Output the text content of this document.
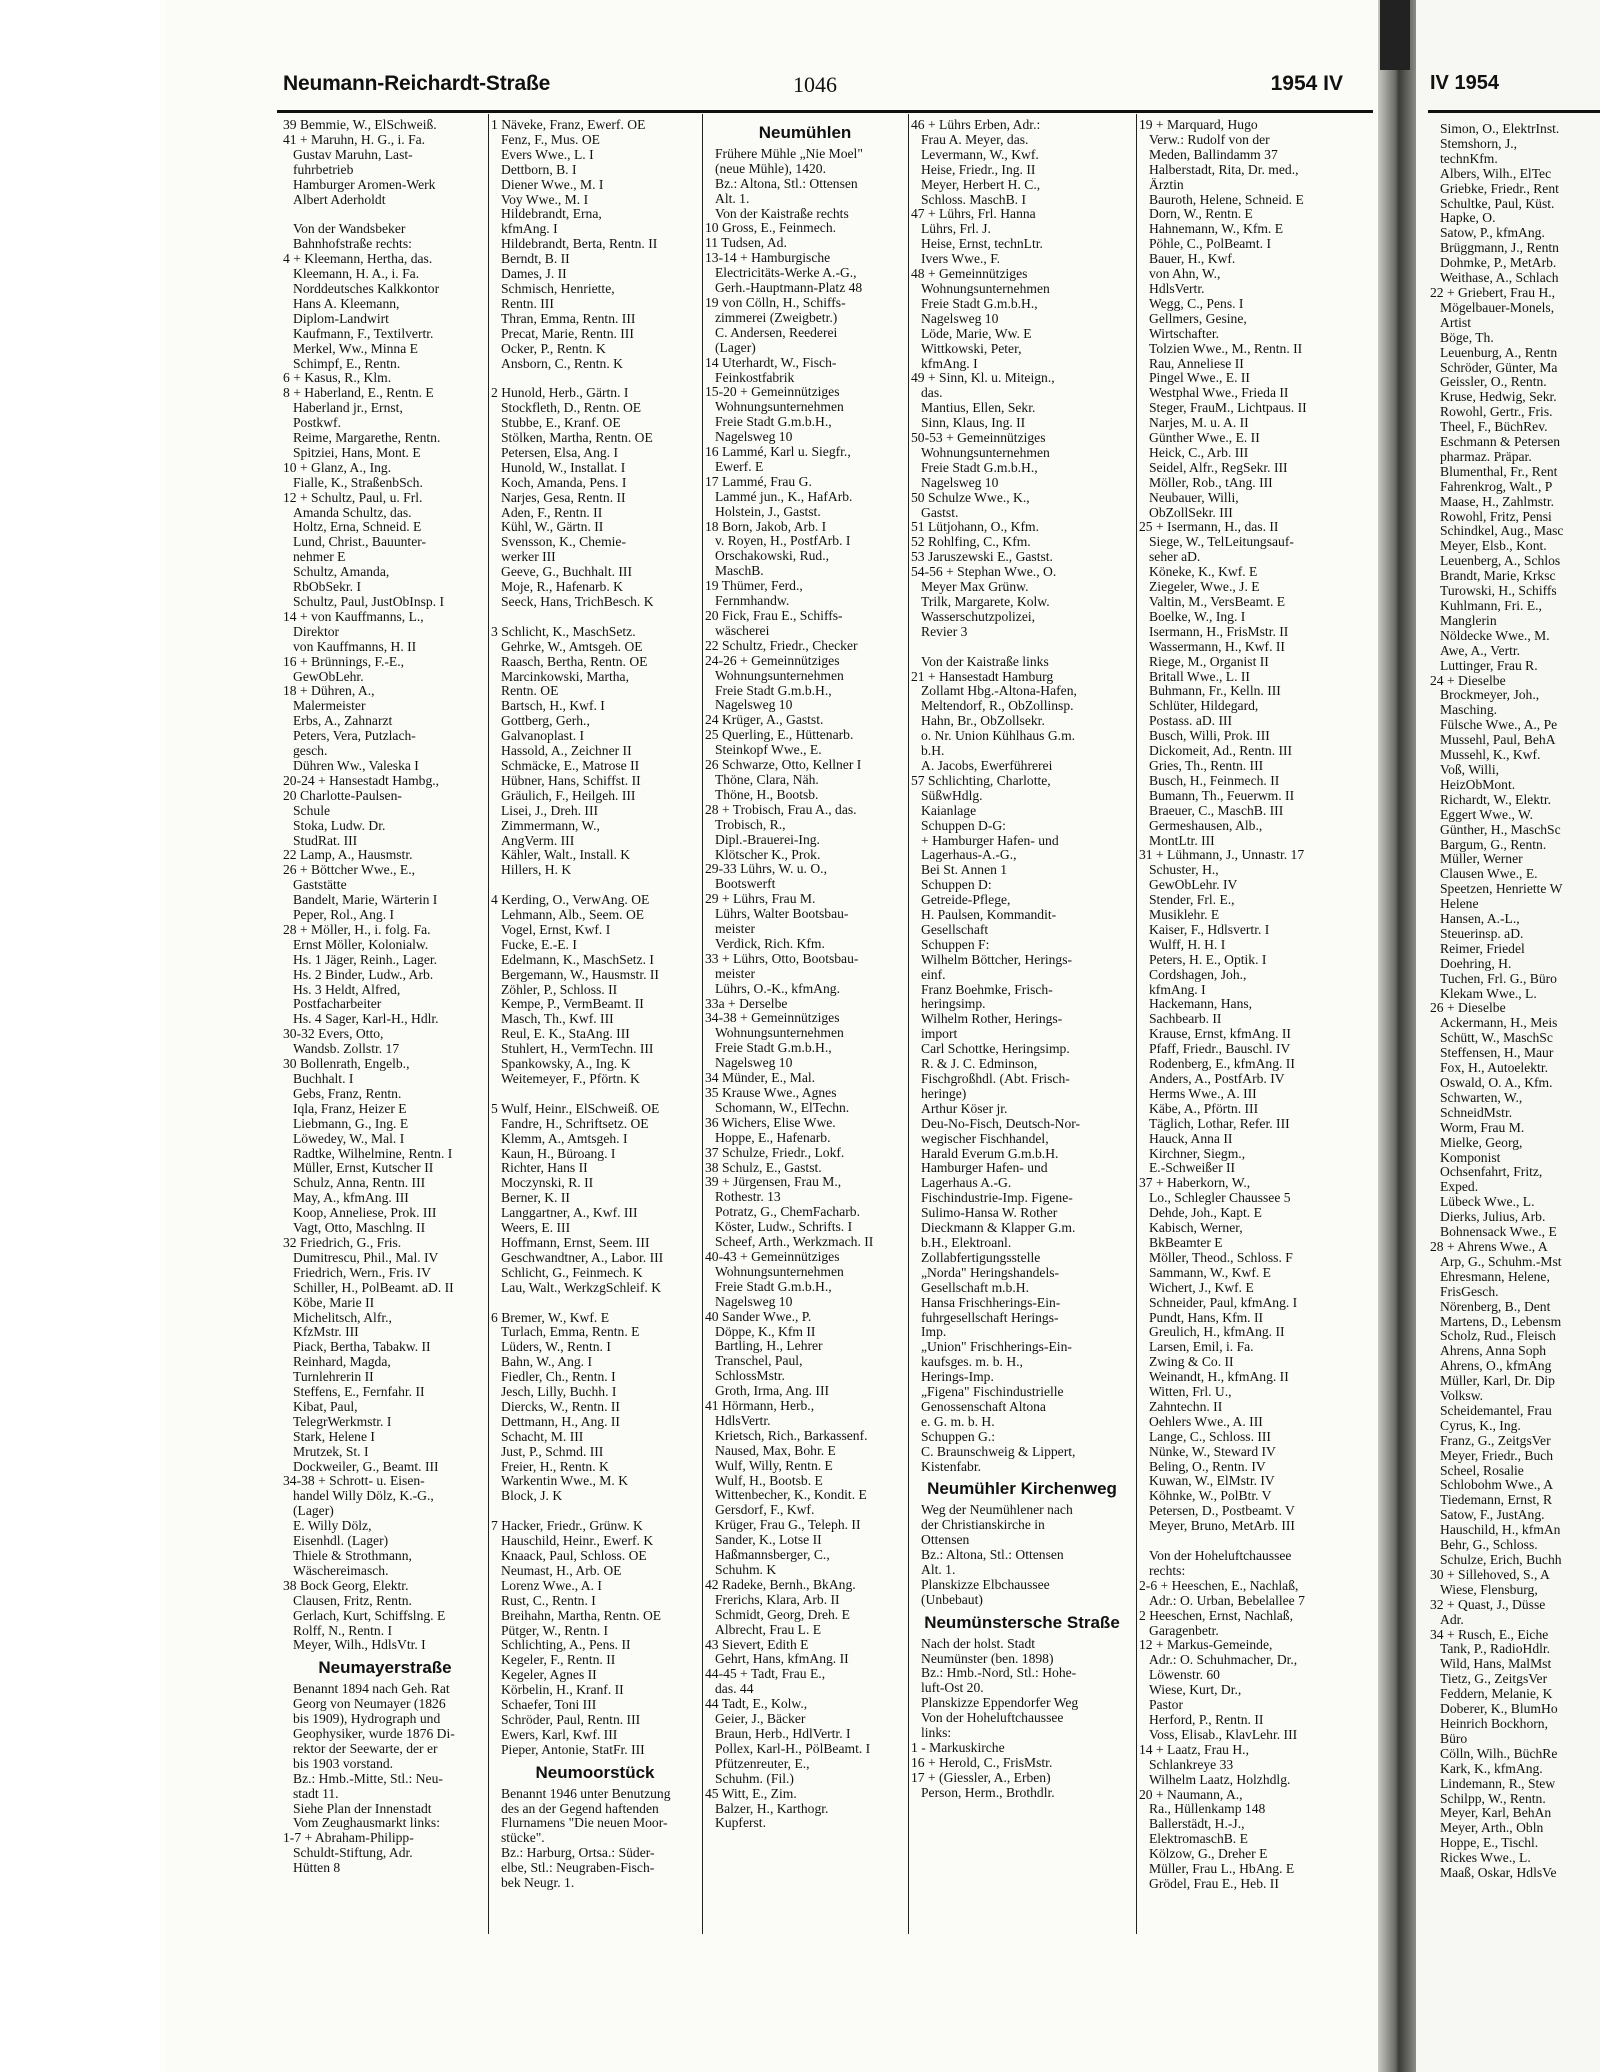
Neumann-Reichardt-Straße	1046	1954 IV
39 Bemmie, W., ElSchweiß.
41 + Maruhn, H. G., i. Fa.
Gustav Maruhn, Last-
fuhrbetrieb
Hamburger Aromen-Werk
Albert Aderholdt

Von der Wandsbeker
Bahnhofstraße rechts:
4 + Kleemann, Hertha, das.
Kleemann, H. A., i. Fa.
Norddeutsches Kalkkontor
Hans A. Kleemann,
Diplom-Landwirt
Kaufmann, F., Textilvertr.
Merkel, Ww., Minna E
Schimpf, E., Rentn.
6 + Kasus, R., Klm.
8 + Haberland, E., Rentn. E
Haberland jr., Ernst,
Postkwf.
Reime, Margarethe, Rentn.
Spitziei, Hans, Mont. E
10 + Glanz, A., Ing.
Fialle, K., StraßenbSch.
12 + Schultz, Paul, u. Frl.
Amanda Schultz, das.
Holtz, Erna, Schneid. E
Lund, Christ., Bauunter-
nehmer E
Schultz, Amanda,
RbObSekr. I
Schultz, Paul, JustObInsp. I
14 + von Kauffmanns, L.,
Direktor
von Kauffmanns, H. II
16 + Brünnings, F.-E.,
GewObLehr.
18 + Dühren, A.,
Malermeister
Erbs, A., Zahnarzt
Peters, Vera, Putzlach-
gesch.
Dühren Ww., Valeska I
20-24 + Hansestadt Hambg.,
20 Charlotte-Paulsen-
Schule
Stoka, Ludw. Dr.
StudRat. III
22 Lamp, A., Hausmstr.
26 + Böttcher Wwe., E.,
Gaststätte
Bandelt, Marie, Wärterin I
Peper, Rol., Ang. I
28 + Möller, H., i. folg. Fa.
Ernst Möller, Kolonialw.
Hs. 1 Jäger, Reinh., Lager.
Hs. 2 Binder, Ludw., Arb.
Hs. 3 Heldt, Alfred,
Postfacharbeiter
Hs. 4 Sager, Karl-H., Hdlr.
30-32 Evers, Otto,
Wandsb. Zollstr. 17
30 Bollenrath, Engelb.,
Buchhalt. I
Gebs, Franz, Rentn.
Iqla, Franz, Heizer E
Liebmann, G., Ing. E
Löwedey, W., Mal. I
Radtke, Wilhelmine, Rentn. I
Müller, Ernst, Kutscher II
Schulz, Anna, Rentn. III
May, A., kfmAng. III
Koop, Anneliese, Prok. III
Vagt, Otto, Maschlng. II
32 Friedrich, G., Fris.
Dumitrescu, Phil., Mal. IV
Friedrich, Wern., Fris. IV
Schiller, H., PolBeamt. aD. II
Köbe, Marie II
Michelitsch, Alfr.,
KfzMstr. III
Piack, Bertha, Tabakw. II
Reinhard, Magda,
Turnlehrerin II
Steffens, E., Fernfahr. II
Kibat, Paul,
TelegrWerkmstr. I
Stark, Helene I
Mrutzek, St. I
Dockweiler, G., Beamt. III
34-38 + Schrott- u. Eisen-
handel Willy Dölz, K.-G.,
(Lager)
E. Willy Dölz,
Eisenhdl. (Lager)
Thiele & Strothmann,
Wäschereimasch.
38 Bock Georg, Elektr.
Clausen, Fritz, Rentn.
Gerlach, Kurt, Schiffslng. E
Rolff, N., Rentn. I
Meyer, Wilh., HdlsVtr. I
Neumayerstraße
Benannt 1894 nach Geh. Rat
Georg von Neumayer (1826
bis 1909), Hydrograph und
Geophysiker, wurde 1876 Di-
rektor der Seewarte, der er
bis 1903 vorstand.
Bz.: Hmb.-Mitte, Stl.: Neu-
stadt 11.
Siehe Plan der Innenstadt
Vom Zeughausmarkt links:
1-7 + Abraham-Philipp-
Schuldt-Stiftung, Adr.
Hütten 8
1 Näveke, Franz, Ewerf. OE
Fenz, F., Mus. OE
Evers Wwe., L. I
Dettborn, B. I
Diener Wwe., M. I
Voy Wwe., M. I
Hildebrandt, Erna,
kfmAng. I
Hildebrandt, Berta, Rentn. II
Berndt, B. II
Dames, J. II
Schmisch, Henriette,
Rentn. III
Thran, Emma, Rentn. III
Precat, Marie, Rentn. III
Ocker, P., Rentn. K
Ansborn, C., Rentn. K

2 Hunold, Herb., Gärtn. I
Stockfleth, D., Rentn. OE
Stubbe, E., Kranf. OE
Stölken, Martha, Rentn. OE
Petersen, Elsa, Ang. I
Hunold, W., Installat. I
Koch, Amanda, Pens. I
Narjes, Gesa, Rentn. II
Aden, F., Rentn. II
Kühl, W., Gärtn. II
Svensson, K., Chemie-
werker III
Geeve, G., Buchhalt. III
Moje, R., Hafenarb. K
Seeck, Hans, TrichBesch. K

3 Schlicht, K., MaschSetz.
Gehrke, W., Amtsgeh. OE
Raasch, Bertha, Rentn. OE
Marcinkowski, Martha,
Rentn. OE
Bartsch, H., Kwf. I
Gottberg, Gerh.,
Galvanoplast. I
Hassold, A., Zeichner II
Schmäcke, E., Matrose II
Hübner, Hans, Schiffst. II
Gräulich, F., Heilgeh. III
Lisei, J., Dreh. III
Zimmermann, W.,
AngVerm. III
Kähler, Walt., Install. K
Hillers, H. K

4 Kerding, O., VerwAng. OE
Lehmann, Alb., Seem. OE
Vogel, Ernst, Kwf. I
Fucke, E.-E. I
Edelmann, K., MaschSetz. I
Bergemann, W., Hausmstr. II
Zöhler, P., Schloss. II
Kempe, P., VermBeamt. II
Masch, Th., Kwf. III
Reul, E. K., StaAng. III
Stuhlert, H., VermTechn. III
Spankowsky, A., Ing. K
Weitemeyer, F., Pförtn. K

5 Wulf, Heinr., ElSchweiß. OE
Fandre, H., Schriftsetz. OE
Klemm, A., Amtsgeh. I
Kaun, H., Büroang. I
Richter, Hans II
Moczynski, R. II
Berner, K. II
Langgartner, A., Kwf. III
Weers, E. III
Hoffmann, Ernst, Seem. III
Geschwandtner, A., Labor. III
Schlicht, G., Feinmech. K
Lau, Walt., WerkzgSchleif. K

6 Bremer, W., Kwf. E
Turlach, Emma, Rentn. E
Lüders, W., Rentn. I
Bahn, W., Ang. I
Fiedler, Ch., Rentn. I
Jesch, Lilly, Buchh. I
Diercks, W., Rentn. II
Dettmann, H., Ang. II
Schacht, M. III
Just, P., Schmd. III
Freier, H., Rentn. K
Warkentin Wwe., M. K
Block, J. K

7 Hacker, Friedr., Grünw. K
Hauschild, Heinr., Ewerf. K
Knaack, Paul, Schloss. OE
Neumast, H., Arb. OE
Lorenz Wwe., A. I
Rust, C., Rentn. I
Breihahn, Martha, Rentn. OE
Pütger, W., Rentn. I
Schlichting, A., Pens. II
Kegeler, F., Rentn. II
Kegeler, Agnes II
Körbelin, H., Kranf. II
Schaefer, Toni III
Schröder, Paul, Rentn. III
Ewers, Karl, Kwf. III
Pieper, Antonie, StatFr. III
Neumoorstück
Benannt 1946 unter Benutzung
des an der Gegend haftenden
Flurnamens "Die neuen Moor-
stücke".
Bz.: Harburg, Ortsa.: Süder-
elbe, Stl.: Neugraben-Fisch-
bek Neugr. 1.
Neumühlen
Frühere Mühle „Nie Moel"
(neue Mühle), 1420.
Bz.: Altona, Stl.: Ottensen
Alt. 1.
Von der Kaistraße rechts
10 Gross, E., Feinmech.
11 Tudsen, Ad.
13-14 + Hamburgische
Electricitäts-Werke A.-G.,
Gerh.-Hauptmann-Platz 48
19 von Cölln, H., Schiffs-
zimmerei (Zweigbetr.)
C. Andersen, Reederei
(Lager)
14 Uterhardt, W., Fisch-
Feinkostfabrik
15-20 + Gemeinnütziges
Wohnungsunternehmen
Freie Stadt G.m.b.H.,
Nagelsweg 10
16 Lammé, Karl u. Siegfr.,
Ewerf. E
17 Lammé, Frau G.
Lammé jun., K., HafArb.
Holstein, J., Gastst.
18 Born, Jakob, Arb. I
v. Royen, H., PostfArb. I
Orschakowski, Rud.,
MaschB.
19 Thümer, Ferd.,
Fernmhandw.
20 Fick, Frau E., Schiffs-
wäscherei
22 Schultz, Friedr., Checker
24-26 + Gemeinnütziges
Wohnungsunternehmen
Freie Stadt G.m.b.H.,
Nagelsweg 10
24 Krüger, A., Gastst.
25 Querling, E., Hüttenarb.
Steinkopf Wwe., E.
26 Schwarze, Otto, Kellner I
Thöne, Clara, Näh.
Thöne, H., Bootsb.
28 + Trobisch, Frau A., das.
Trobisch, R.,
Dipl.-Brauerei-Ing.
Klötscher K., Prok.
29-33 Lührs, W. u. O.,
Bootswerft
29 + Lührs, Frau M.
Lührs, Walter Bootsbau-
meister
Verdick, Rich. Kfm.
33 + Lührs, Otto, Bootsbau-
meister
Lührs, O.-K., kfmAng.
33a + Derselbe
34-38 + Gemeinnütziges
Wohnungsunternehmen
Freie Stadt G.m.b.H.,
Nagelsweg 10
34 Münder, E., Mal.
35 Krause Wwe., Agnes
Schomann, W., ElTechn.
36 Wichers, Elise Wwe.
Hoppe, E., Hafenarb.
37 Schulze, Friedr., Lokf.
38 Schulz, E., Gastst.
39 + Jürgensen, Frau M.,
Rothestr. 13
Potratz, G., ChemFacharb.
Köster, Ludw., Schrifts. I
Scheef, Arth., Werkzmach. II
40-43 + Gemeinnütziges
Wohnungsunternehmen
Freie Stadt G.m.b.H.,
Nagelsweg 10
40 Sander Wwe., P.
Döppe, K., Kfm II
Bartling, H., Lehrer
Transchel, Paul,
SchlossMstr.
Groth, Irma, Ang. III
41 Hörmann, Herb.,
HdlsVertr.
Krietsch, Rich., Barkassenf.
Naused, Max, Bohr. E
Wulf, Willy, Rentn. E
Wulf, H., Bootsb. E
Wittenbecher, K., Kondit. E
Gersdorf, F., Kwf.
Krüger, Frau G., Teleph. II
Sander, K., Lotse II
Haßmannsberger, C.,
Schuhm. K
42 Radeke, Bernh., BkAng.
Frerichs, Klara, Arb. II
Schmidt, Georg, Dreh. E
Albrecht, Frau L. E
43 Sievert, Edith E
Gehrt, Hans, kfmAng. II
44-45 + Tadt, Frau E.,
das. 44
44 Tadt, E., Kolw.,
Geier, J., Bäcker
Braun, Herb., HdlVertr. I
Pollex, Karl-H., PölBeamt. I
Pfützenreuter, E.,
Schuhm. (Fil.)
45 Witt, E., Zim.
Balzer, H., Karthogr.
Kupferst.
46 + Lührs Erben, Adr.:
Frau A. Meyer, das.
Levermann, W., Kwf.
Heise, Friedr., Ing. II
Meyer, Herbert H. C.,
Schloss. MaschB. I
47 + Lührs, Frl. Hanna
Lührs, Frl. J.
Heise, Ernst, technLtr.
Ivers Wwe., F.
48 + Gemeinnütziges
Wohnungsunternehmen
Freie Stadt G.m.b.H.,
Nagelsweg 10
Löde, Marie, Ww. E
Wittkowski, Peter,
kfmAng. I
49 + Sinn, Kl. u. Miteign.,
das.
Mantius, Ellen, Sekr.
Sinn, Klaus, Ing. II
50-53 + Gemeinnütziges
Wohnungsunternehmen
Freie Stadt G.m.b.H.,
Nagelsweg 10
50 Schulze Wwe., K.,
Gastst.
51 Lütjohann, O., Kfm.
52 Rohlfing, C., Kfm.
53 Jaruszewski E., Gastst.
54-56 + Stephan Wwe., O.
Meyer Max Grünw.
Trilk, Margarete, Kolw.
Wasserschutzpolizei,
Revier 3

Von der Kaistraße links
21 + Hansestadt Hamburg
Zollamt Hbg.-Altona-Hafen,
Meltendorf, R., ObZollinsp.
Hahn, Br., ObZollsekr.
o. Nr. Union Kühlhaus G.m.
b.H.
A. Jacobs, Ewerführerei
57 Schlichting, Charlotte,
SüßwHdlg.
Kaianlage
Schuppen D-G:
+ Hamburger Hafen- und
Lagerhaus-A.-G.,
Bei St. Annen 1
Schuppen D:
Getreide-Pflege,
H. Paulsen, Kommandit-
Gesellschaft
Schuppen F:
Wilhelm Böttcher, Herings-
einf.
Franz Boehmke, Frisch-
heringsimp.
Wilhelm Rother, Herings-
import
Carl Schottke, Heringsimp.
R. & J. C. Edminson,
Fischgroßhdl. (Abt. Frisch-
heringe)
Arthur Köser jr.
Deu-No-Fisch, Deutsch-Nor-
wegischer Fischhandel,
Harald Everum G.m.b.H.
Hamburger Hafen- und
Lagerhaus A.-G.
Fischindustrie-Imp. Figene-
Sulimo-Hansa W. Rother
Dieckmann & Klapper G.m.
b.H., Elektroanl.
Zollabfertigungsstelle
„Norda" Heringshandels-
Gesellschaft m.b.H.
Hansa Frischherings-Ein-
fuhrgesellschaft Herings-
Imp.
„Union" Frischherings-Ein-
kaufsges. m. b. H.,
Herings-Imp.
„Figena" Fischindustrielle
Genossenschaft Altona
e. G. m. b. H.
Schuppen G.:
C. Braunschweig & Lippert,
Kistenfabr.
Neumühler Kirchenweg
Weg der Neumühlener nach
der Christianskirche in
Ottensen
Bz.: Altona, Stl.: Ottensen
Alt. 1.
Planskizze Elbchaussee
(Unbebaut)
Neumünstersche Straße
Nach der holst. Stadt
Neumünster (ben. 1898)
Bz.: Hmb.-Nord, Stl.: Hohe-
luft-Ost 20.
Planskizze Eppendorfer Weg
Von der Hoheluftchaussee
links:
1 - Markuskirche
16 + Herold, C., FrisMstr.
17 + (Giessler, A., Erben)
Person, Herm., Brothdlr.
19 + Marquard, Hugo
Verw.: Rudolf von der
Meden, Ballindamm 37
Halberstadt, Rita, Dr. med.,
Ärztin
Bauroth, Helene, Schneid. E
Dorn, W., Rentn. E
Hahnemann, W., Kfm. E
Pöhle, C., PolBeamt. I
Bauer, H., Kwf.
von Ahn, W.,
HdlsVertr.
Wegg, C., Pens. I
Gellmers, Gesine,
Wirtschafter.
Tolzien Wwe., M., Rentn. II
Rau, Anneliese II
Pingel Wwe., E. II
Westphal Wwe., Frieda II
Steger, FrauM., Lichtpaus. II
Narjes, M. u. A. II
Günther Wwe., E. II
Heick, C., Arb. III
Seidel, Alfr., RegSekr. III
Möller, Rob., tAng. III
Neubauer, Willi,
ObZollSekr. III
25 + Isermann, H., das. II
Siege, W., TelLeitungsauf-
seher aD.
Köneke, K., Kwf. E
Ziegeler, Wwe., J. E
Valtin, M., VersBeamt. E
Boelke, W., Ing. I
Isermann, H., FrisMstr. II
Wassermann, H., Kwf. II
Riege, M., Organist II
Britall Wwe., L. II
Buhmann, Fr., Kelln. III
Schlüter, Hildegard,
Postass. aD. III
Busch, Willi, Prok. III
Dickomeit, Ad., Rentn. III
Gries, Th., Rentn. III
Busch, H., Feinmech. II
Bumann, Th., Feuerwm. II
Braeuer, C., MaschB. III
Germeshausen, Alb.,
MontLtr. III
31 + Lühmann, J., Unnastr. 17
Schuster, H.,
GewObLehr. IV
Stender, Frl. E.,
Musiklehr. E
Kaiser, F., Hdlsvertr. I
Wulff, H. H. I
Peters, H. E., Optik. I
Cordshagen, Joh.,
kfmAng. I
Hackemann, Hans,
Sachbearb. II
Krause, Ernst, kfmAng. II
Pfaff, Friedr., Bauschl. IV
Rodenberg, E., kfmAng. II
Anders, A., PostfArb. IV
Herms Wwe., A. III
Käbe, A., Pförtn. III
Täglich, Lothar, Refer. III
Hauck, Anna II
Kirchner, Siegm.,
E.-Schweißer II
37 + Haberkorn, W.,
Lo., Schlegler Chaussee 5
Dehde, Joh., Kapt. E
Kabisch, Werner,
BkBeamter E
Möller, Theod., Schloss. F
Sammann, W., Kwf. E
Wichert, J., Kwf. E
Schneider, Paul, kfmAng. I
Pundt, Hans, Kfm. II
Greulich, H., kfmAng. II
Larsen, Emil, i. Fa.
Zwing & Co. II
Weinandt, H., kfmAng. II
Witten, Frl. U.,
Zahntechn. II
Oehlers Wwe., A. III
Lange, C., Schloss. III
Nünke, W., Steward IV
Beling, O., Rentn. IV
Kuwan, W., ElMstr. IV
Köhnke, W., PolBtr. V
Petersen, D., Postbeamt. V
Meyer, Bruno, MetArb. III

Von der Hoheluftchaussee
rechts:
2-6 + Heeschen, E., Nachlaß,
Adr.: O. Urban, Bebelallee 7
2 Heeschen, Ernst, Nachlaß,
Garagenbetr.
12 + Markus-Gemeinde,
Adr.: O. Schuhmacher, Dr.,
Löwenstr. 60
Wiese, Kurt, Dr.,
Pastor
Herford, P., Rentn. II
Voss, Elisab., KlavLehr. III
14 + Laatz, Frau H.,
Schlankreye 33
Wilhelm Laatz, Holzhdlg.
20 + Naumann, A.,
Ra., Hüllenkamp 148
Ballerstädt, H.-J.,
ElektromaschB. E
Kölzow, G., Dreher E
Müller, Frau L., HbAng. E
Grödel, Frau E., Heb. II
IV 1954
Simon, O., ElektrInst.
Stemshorn, J.,
technKfm.
Albers, Wilh., ElTec
Griebke, Friedr., Rent
Schultke, Paul, Küst.
Hapke, O.
Satow, P., kfmAng.
Brüggmann, J., Rentn
Dohmke, P., MetArb.
Weithase, A., Schlach
22 + Griebert, Frau H.,
Mögelbauer-Monels,
Artist
Böge, Th.
Leuenburg, A., Rentn
Schröder, Günter, Ma
Geissler, O., Rentn.
Kruse, Hedwig, Sekr.
Rowohl, Gertr., Fris.
Theel, F., BüchRev.
Eschmann & Petersen
pharmaz. Präpar.
Blumenthal, Fr., Rent
Fahrenkrog, Walt., P
Maase, H., Zahlmstr.
Rowohl, Fritz, Pensi
Schindkel, Aug., Masc
Meyer, Elsb., Kont.
Leuenberg, A., Schlos
Brandt, Marie, Krksc
Turowski, H., Schiffs
Kuhlmann, Fri. E.,
Manglerin
Nöldecke Wwe., M.
Awe, A., Vertr.
Luttinger, Frau R.
24 + Dieselbe
Brockmeyer, Joh.,
Masching.
Fülsche Wwe., A., Pe
Mussehl, Paul, BehA
Mussehl, K., Kwf.
Voß, Willi,
HeizObMont.
Richardt, W., Elektr.
Eggert Wwe., W.
Günther, H., MaschSc
Bargum, G., Rentn.
Müller, Werner
Clausen Wwe., E.
Speetzen, Henriette W
Helene
Hansen, A.-L.,
Steuerinsp. aD.
Reimer, Friedel
Doehring, H.
Tuchen, Frl. G., Büro
Klekam Wwe., L.
26 + Dieselbe
Ackermann, H., Meis
Schütt, W., MaschSc
Steffensen, H., Maur
Fox, H., Autoelektr.
Oswald, O. A., Kfm.
Schwarten, W.,
SchneidMstr.
Worm, Frau M.
Mielke, Georg,
Komponist
Ochsenfahrt, Fritz,
Exped.
Lübeck Wwe., L.
Dierks, Julius, Arb.
Bohnensack Wwe., E
28 + Ahrens Wwe., A
Arp, G., Schuhm.-Mst
Ehresmann, Helene,
FrisGesch.
Nörenberg, B., Dent
Martens, D., Lebensm
Scholz, Rud., Fleisch
Ahrens, Anna Soph
Ahrens, O., kfmAng
Müller, Karl, Dr. Dip
Volksw.
Scheidemantel, Frau
Cyrus, K., Ing.
Franz, G., ZeitgsVer
Meyer, Friedr., Buch
Scheel, Rosalie
Schlobohm Wwe., A
Tiedemann, Ernst, R
Satow, F., JustAng.
Hauschild, H., kfmAn
Behr, G., Schloss.
Schulze, Erich, Buchh
30 + Sillehoved, S., A
Wiese, Flensburg,
32 + Quast, J., Düsse
Adr.
34 + Rusch, E., Eiche
Tank, P., RadioHdlr.
Wild, Hans, MalMst
Tietz, G., ZeitgsVer
Feddern, Melanie, K
Doberer, K., BlumHo
Heinrich Bockhorn,
Büro
Cölln, Wilh., BüchRe
Kark, K., kfmAng.
Lindemann, R., Stew
Schilpp, W., Rentn.
Meyer, Karl, BehAn
Meyer, Arth., Obln
Hoppe, E., Tischl.
Rickes Wwe., L.
Maaß, Oskar, HdlsVe
